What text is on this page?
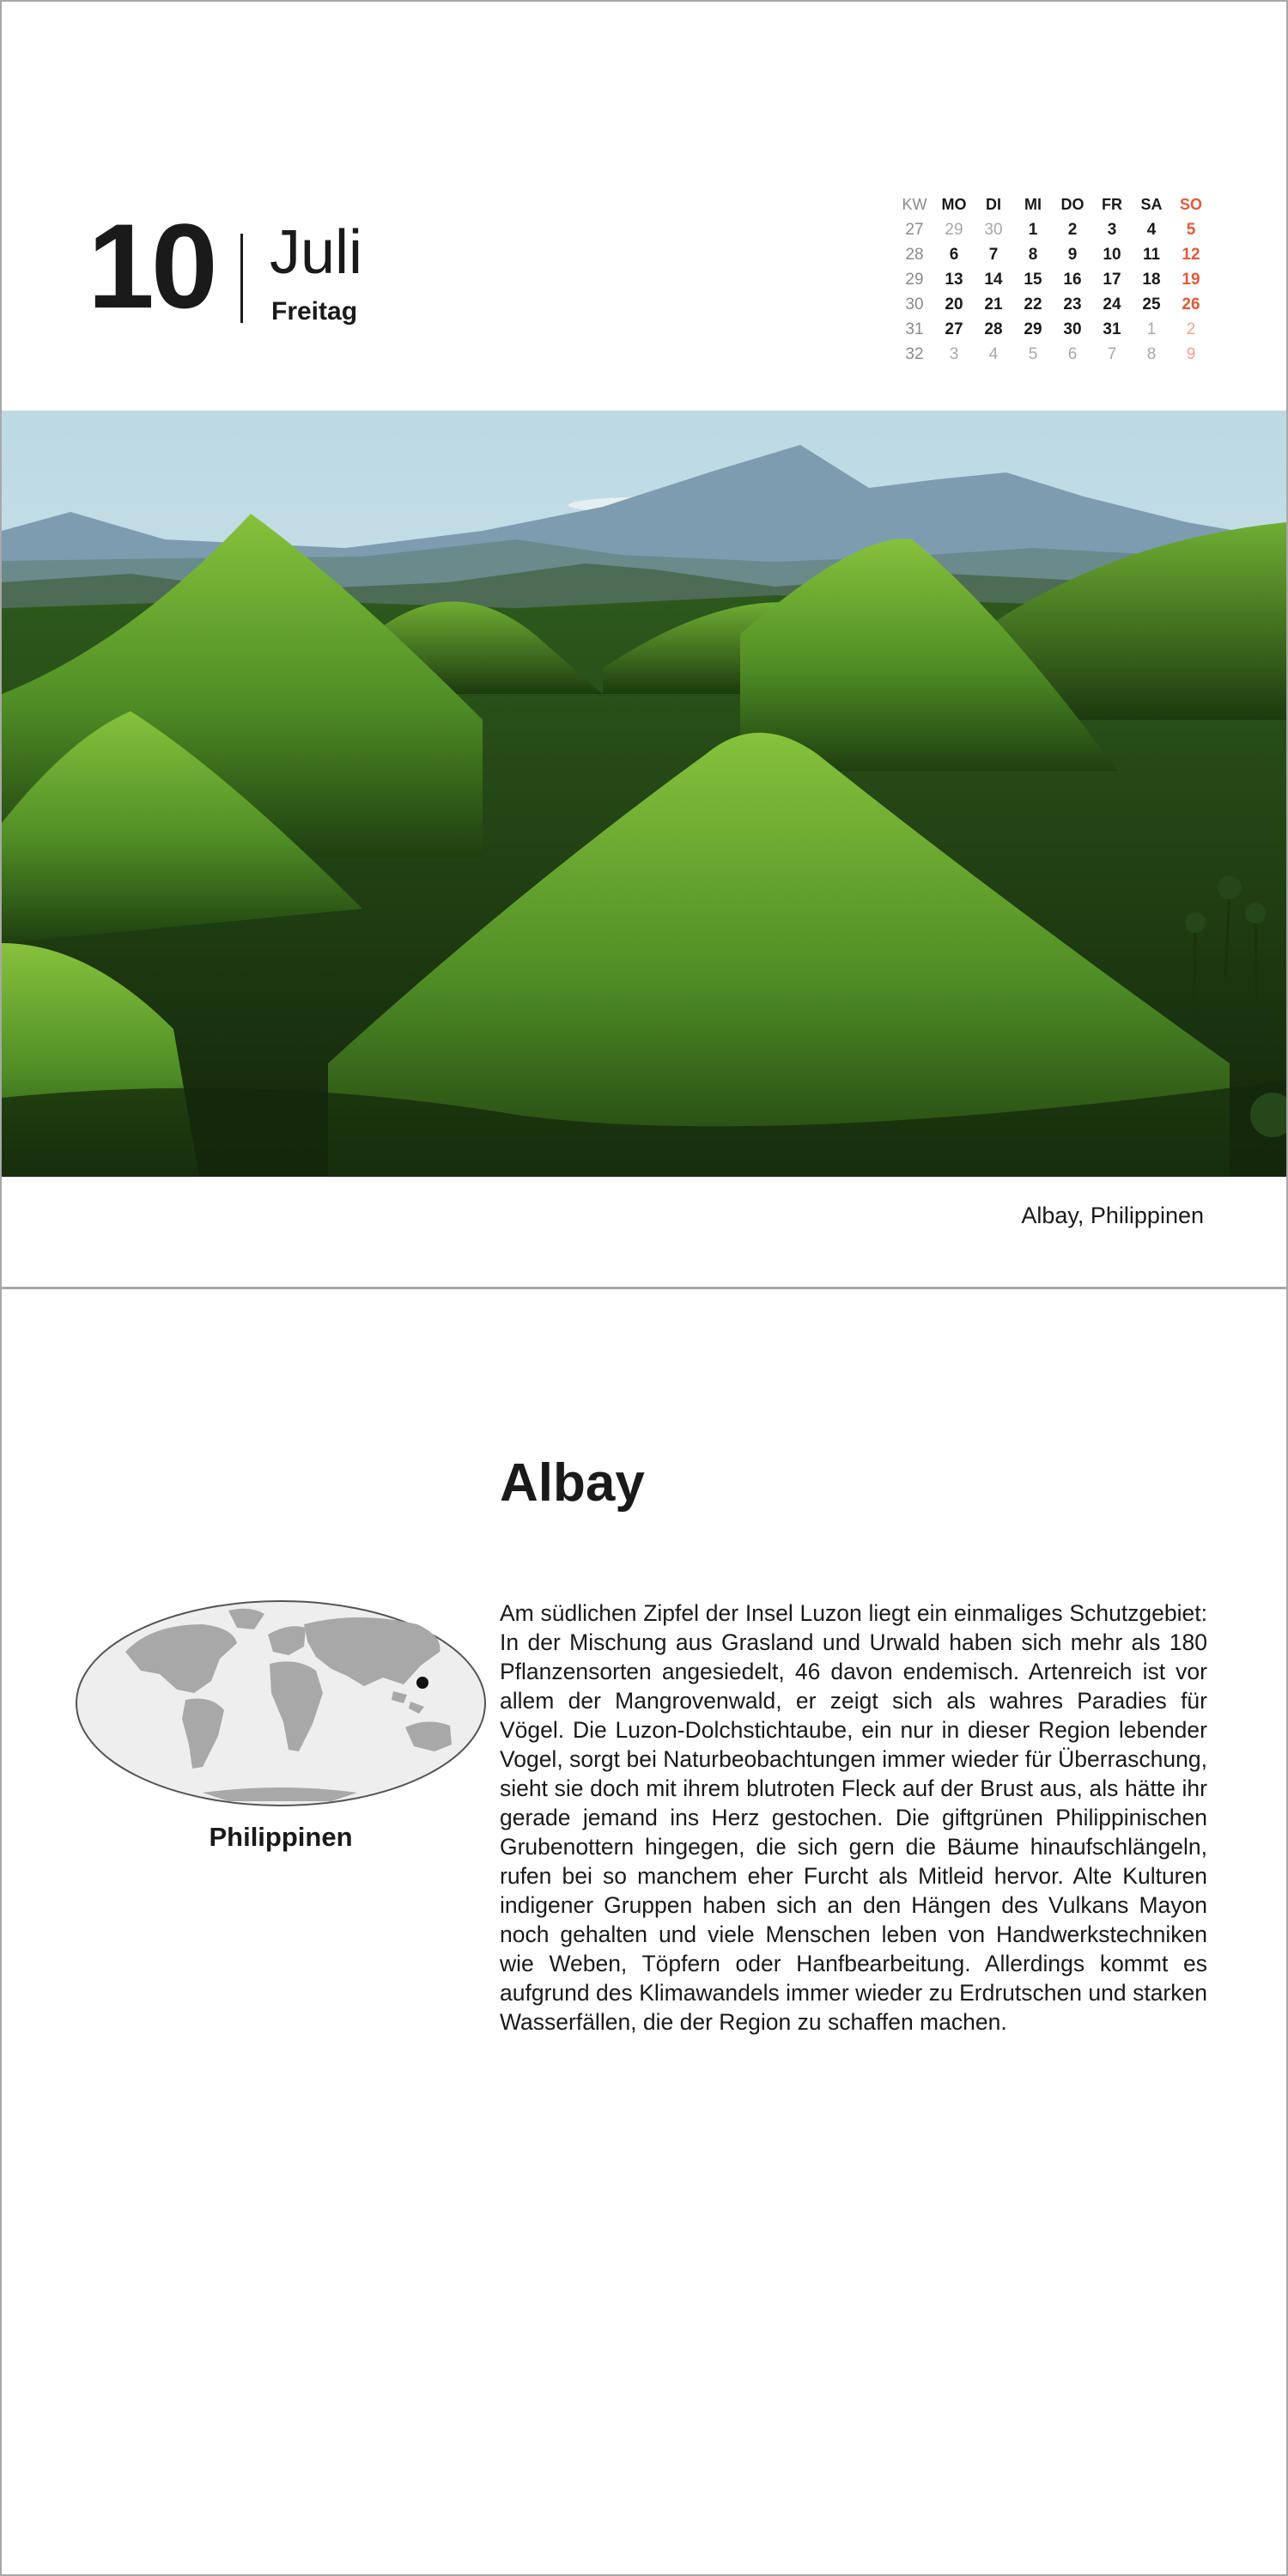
10 Juli
Freitag
KW	MO	DI	MI	DO	FR	SA	SO
27	29	30	1	2	3	4	5
28	6	7	8	9	10	11	12
29	13	14	15	16	17	18	19
30	20	21	22	23	24	25	26
31	27	28	29	30	31	1	2
32	3	4	5	6	7	8	9
Albay, Philippinen
Albay
Philippinen
Am südlichen Zipfel der Insel Luzon liegt ein einmaliges Schutzgebiet: In der Mischung aus Grasland und Urwald haben sich mehr als 180 Pflanzensorten angesiedelt, 46 davon endemisch. Artenreich ist vor allem der Mangrovenwald, er zeigt sich als wahres Paradies für Vögel. Die Luzon-Dolchstichtaube, ein nur in dieser Region lebender Vogel, sorgt bei Naturbeobachtungen immer wieder für Überraschung, sieht sie doch mit ihrem blutroten Fleck auf der Brust aus, als hätte ihr gerade jemand ins Herz gestochen. Die giftgrünen Philippinischen Grubenottern hingegen, die sich gern die Bäume hinaufschlängeln, rufen bei so manchem eher Furcht als Mitleid hervor. Alte Kulturen indigener Gruppen haben sich an den Hängen des Vulkans Mayon noch gehalten und viele Menschen leben von Handwerkstechniken wie Weben, Töpfern oder Hanfbearbeitung. Allerdings kommt es aufgrund des Klimawandels immer wieder zu Erdrutschen und starken Wasserfällen, die der Region zu schaffen machen.
